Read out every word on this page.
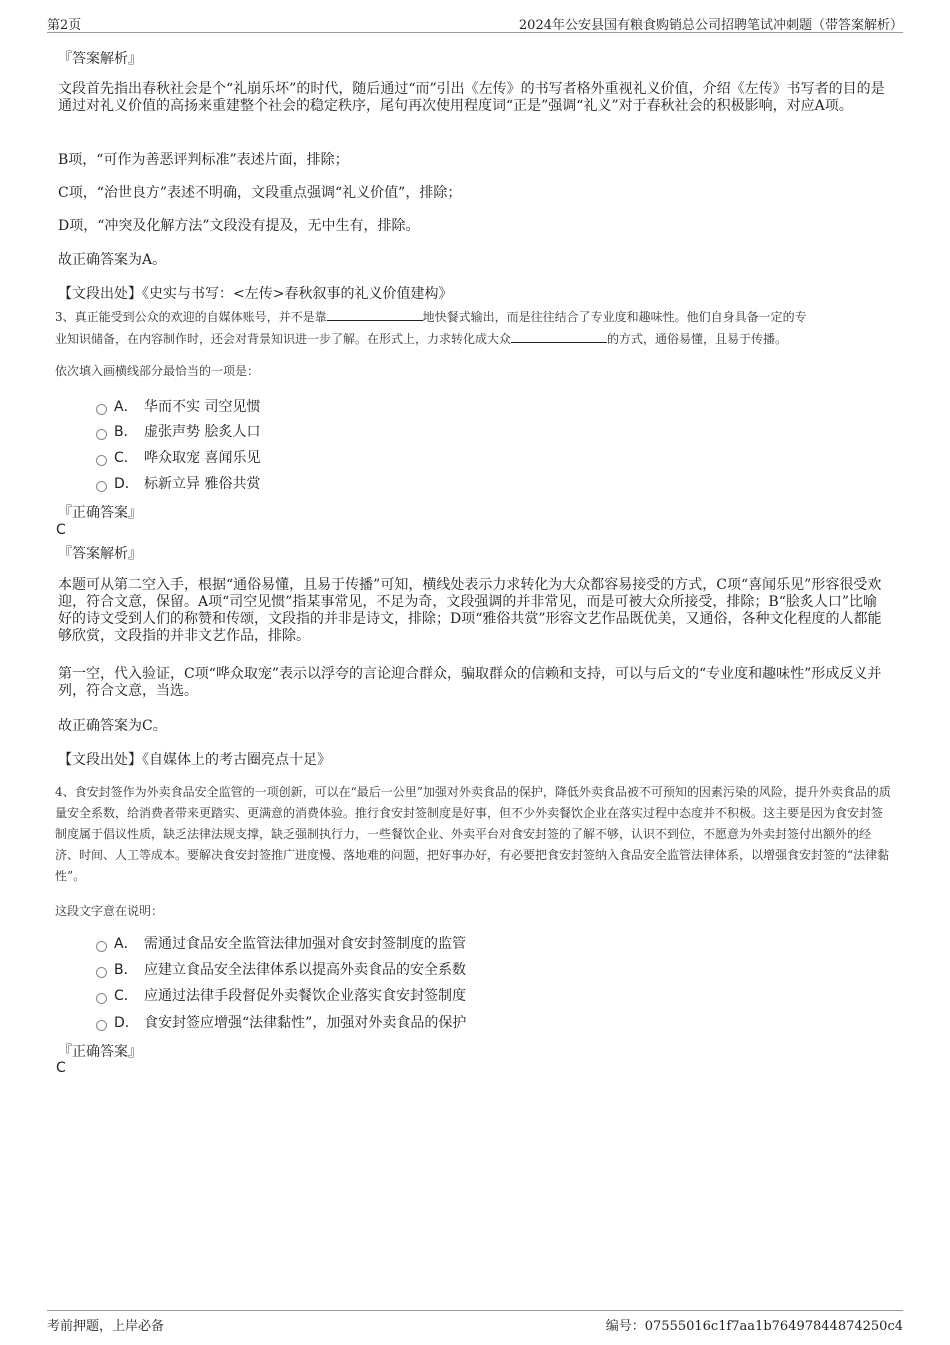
第2页	2024年公安县国有粮食购销总公司招聘笔试冲刺题（带答案解析）
『答案解析』

文段首先指出春秋社会是个“礼崩乐坏”的时代，随后通过“而”引出《左传》的书写者格外重视礼义价值，介绍《左传》书写者的目的是通过对礼义价值的高扬来重建整个社会的稳定秩序，尾句再次使用程度词“正是”强调“礼义”对于春秋社会的积极影响，对应A项。

B项，“可作为善恶评判标准”表述片面，排除；

C项，“治世良方”表述不明确，文段重点强调“礼义价值”，排除；

D项，“冲突及化解方法”文段没有提及，无中生有，排除。

故正确答案为A。

【文段出处】《史实与书写：<左传>春秋叙事的礼义价值建构》

3、真正能受到公众的欢迎的自媒体账号，并不是靠	地快餐式输出，而是往往结合了专业度和趣味性。他们自身具备一定的专
业知识储备，在内容制作时，还会对背景知识进一步了解。在形式上，力求转化成大众	的方式，通俗易懂，且易于传播。
依次填入画横线部分最恰当的一项是：
A． 华而不实 司空见惯
B． 虚张声势 脍炙人口
C． 哗众取宠 喜闻乐见
D． 标新立异 雅俗共赏
『正确答案』
C
『答案解析』

本题可从第二空入手，根据“通俗易懂，且易于传播”可知，横线处表示力求转化为大众都容易接受的方式，C项“喜闻乐见”形容很受欢迎，符合文意，保留。A项“司空见惯”指某事常见，不足为奇，文段强调的并非常见，而是可被大众所接受，排除；B“脍炙人口”比喻好的诗文受到人们的称赞和传颂，文段指的并非是诗文，排除；D项“雅俗共赏”形容文艺作品既优美，又通俗，各种文化程度的人都能够欣赏，文段指的并非文艺作品，排除。

第一空，代入验证，C项“哗众取宠”表示以浮夸的言论迎合群众，骗取群众的信赖和支持，可以与后文的“专业度和趣味性”形成反义并列，符合文意，当选。

故正确答案为C。

【文段出处】《自媒体上的考古圈亮点十足》

4、食安封签作为外卖食品安全监管的一项创新，可以在“最后一公里”加强对外卖食品的保护，降低外卖食品被不可预知的因素污染的风险，提升外卖食品的质量安全系数，给消费者带来更踏实、更满意的消费体验。推行食安封签制度是好事，但不少外卖餐饮企业在落实过程中态度并不积极。这主要是因为食安封签制度属于倡议性质，缺乏法律法规支撑，缺乏强制执行力，一些餐饮企业、外卖平台对食安封签的了解不够，认识不到位，不愿意为外卖封签付出额外的经济、时间、人工等成本。要解决食安封签推广进度慢、落地难的问题，把好事办好，有必要把食安封签纳入食品安全监管法律体系，以增强食安封签的“法律黏性”。

这段文字意在说明：
A． 需通过食品安全监管法律加强对食安封签制度的监管
B． 应建立食品安全法律体系以提高外卖食品的安全系数
C． 应通过法律手段督促外卖餐饮企业落实食安封签制度
D． 食安封签应增强“法律黏性”，加强对外卖食品的保护
『正确答案』
C
考前押题，上岸必备	编号：07555016c1f7aa1b76497844874250c4
